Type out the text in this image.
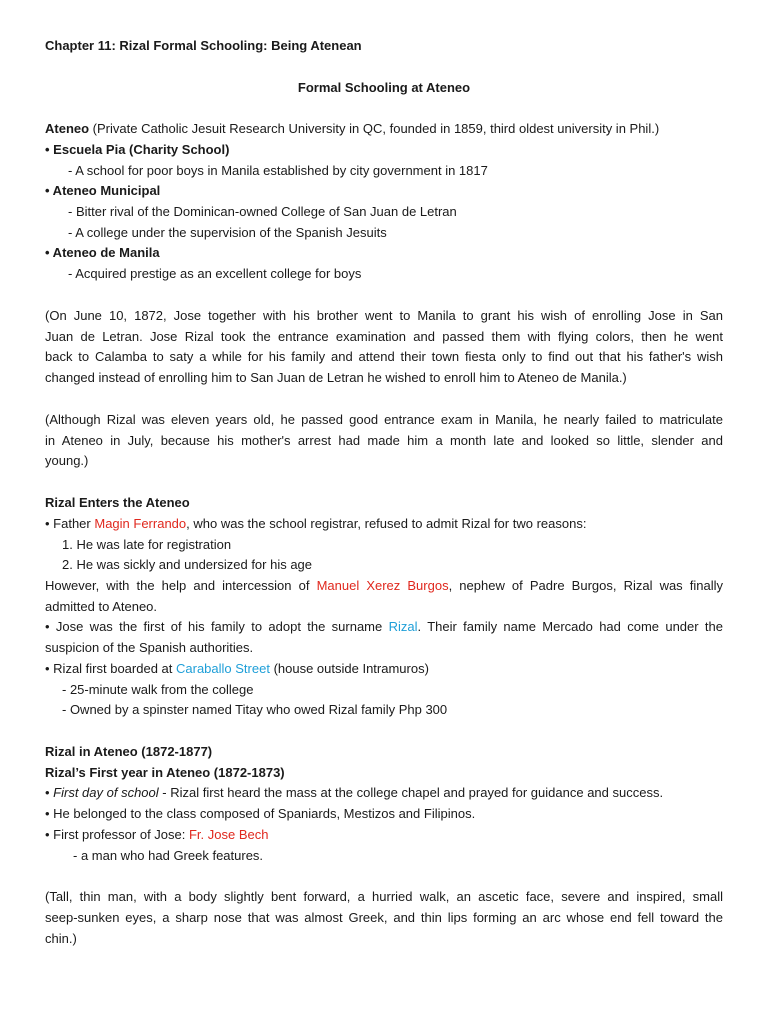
Chapter 11: Rizal Formal Schooling: Being Atenean

Formal Schooling at Ateneo

Ateneo (Private Catholic Jesuit Research University in QC, founded in 1859, third oldest university in Phil.)

• Escuela Pia (Charity School)

- A school for poor boys in Manila established by city government in 1817

• Ateneo Municipal

- Bitter rival of the Dominican-owned College of San Juan de Letran

- A college under the supervision of the Spanish Jesuits

• Ateneo de Manila

- Acquired prestige as an excellent college for boys

(On June 10, 1872, Jose together with his brother went to Manila to grant his wish of enrolling Jose in San

Juan de Letran. Jose Rizal took the entrance examination and passed them with flying colors, then he went

back to Calamba to saty a while for his family and attend their town fiesta only to find out that his father's wish

changed instead of enrolling him to San Juan de Letran he wished to enroll him to Ateneo de Manila.)

(Although Rizal was eleven years old, he passed good entrance exam in Manila, he nearly failed to matriculate

in Ateneo in July, because his mother's arrest had made him a month late and looked so little, slender and

young.)

Rizal Enters the Ateneo

• Father Magin Ferrando, who was the school registrar, refused to admit Rizal for two reasons:

1. He was late for registration

2. He was sickly and undersized for his age

However, with the help and intercession of Manuel Xerez Burgos, nephew of Padre Burgos, Rizal was finally

admitted to Ateneo.

• Jose was the first of his family to adopt the surname Rizal. Their family name Mercado had come under the

suspicion of the Spanish authorities.

• Rizal first boarded at Caraballo Street (house outside Intramuros)

- 25-minute walk from the college

- Owned by a spinster named Titay who owed Rizal family Php 300

Rizal in Ateneo (1872-1877)

Rizal’s First year in Ateneo (1872-1873)

• First day of school - Rizal first heard the mass at the college chapel and prayed for guidance and success.

• He belonged to the class composed of Spaniards, Mestizos and Filipinos.

• First professor of Jose: Fr. Jose Bech

- a man who had Greek features.

(Tall, thin man, with a body slightly bent forward, a hurried walk, an ascetic face, severe and inspired, small

seep-sunken eyes, a sharp nose that was almost Greek, and thin lips forming an arc whose end fell toward the

chin.)
